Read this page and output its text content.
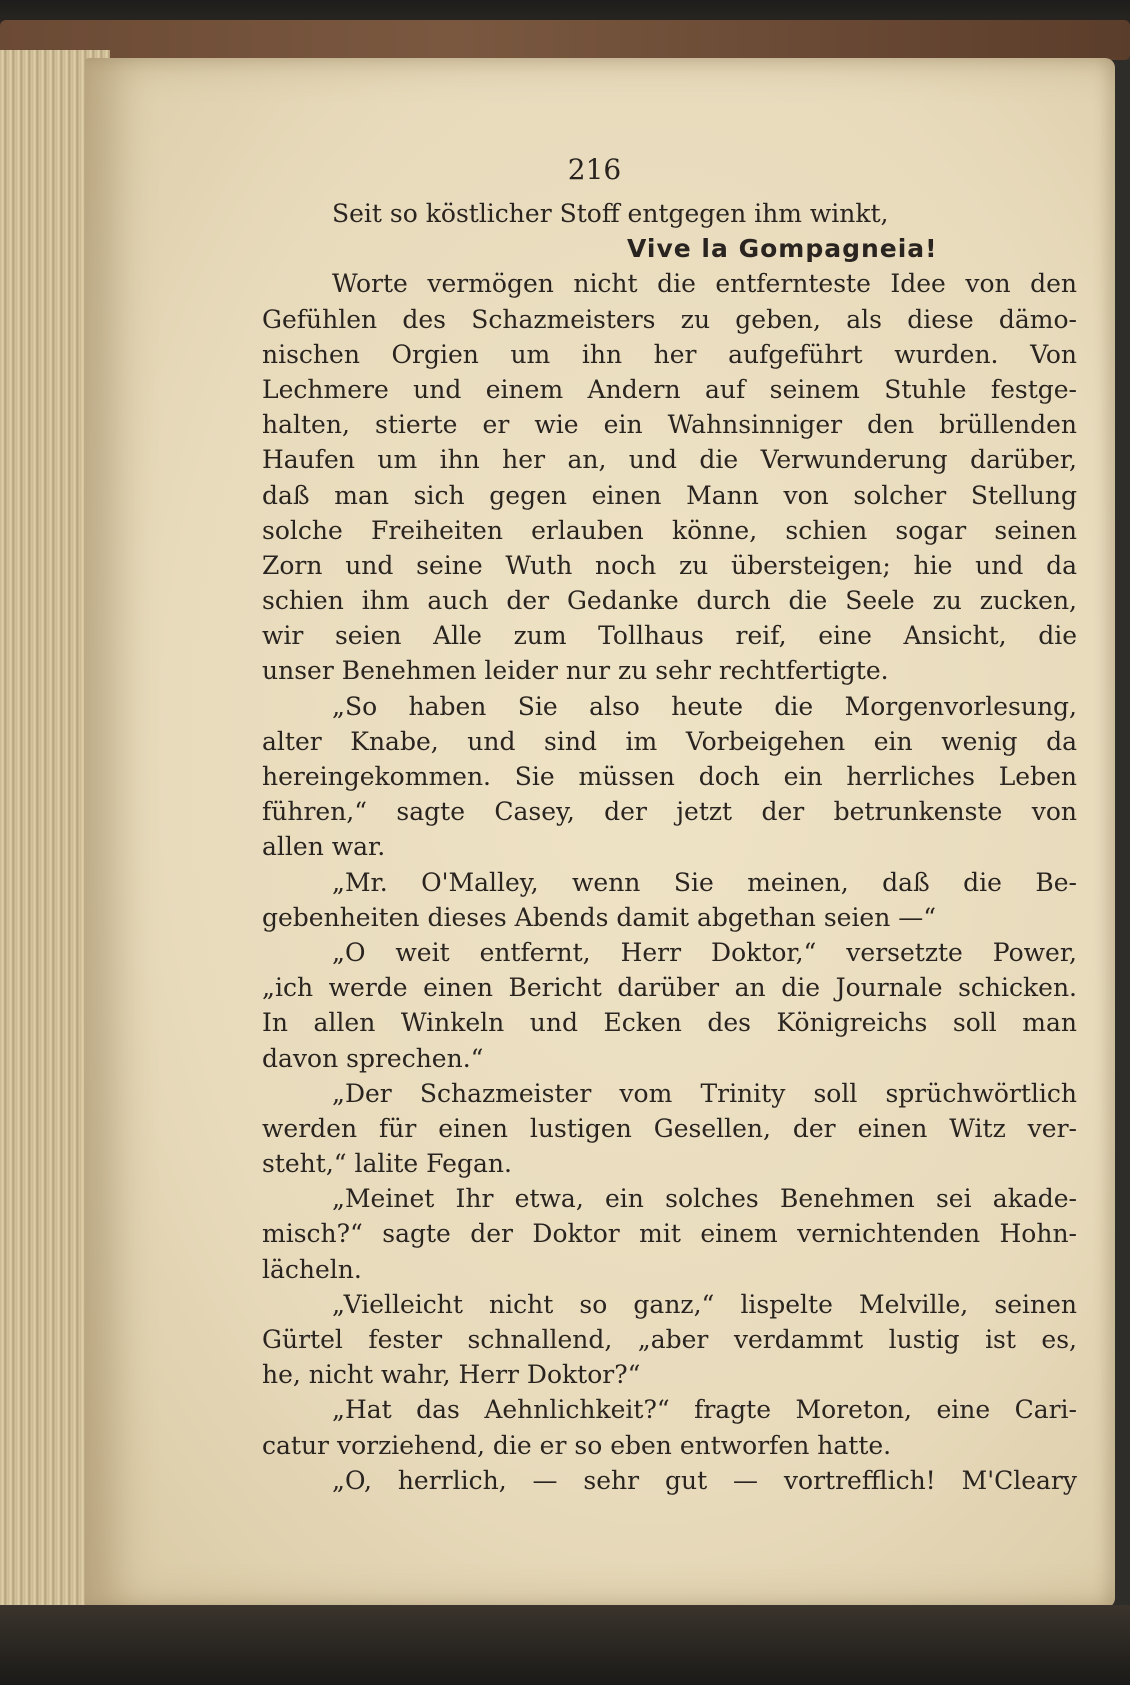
216
Seit so köstlicher Stoff entgegen ihm winkt,
Vive la Gompagneia!
Worte vermögen nicht die entfernteste Idee von den
Gefühlen des Schazmeisters zu geben, als diese dämo-
nischen Orgien um ihn her aufgeführt wurden. Von
Lechmere und einem Andern auf seinem Stuhle festge-
halten, stierte er wie ein Wahnsinniger den brüllenden
Haufen um ihn her an, und die Verwunderung darüber,
daß man sich gegen einen Mann von solcher Stellung
solche Freiheiten erlauben könne, schien sogar seinen
Zorn und seine Wuth noch zu übersteigen; hie und da
schien ihm auch der Gedanke durch die Seele zu zucken,
wir seien Alle zum Tollhaus reif, eine Ansicht, die
unser Benehmen leider nur zu sehr rechtfertigte.
„So haben Sie also heute die Morgenvorlesung,
alter Knabe, und sind im Vorbeigehen ein wenig da
hereingekommen. Sie müssen doch ein herrliches Leben
führen,“ sagte Casey, der jetzt der betrunkenste von
allen war.
„Mr. O'Malley, wenn Sie meinen, daß die Be-
gebenheiten dieses Abends damit abgethan seien —“
„O weit entfernt, Herr Doktor,“ versetzte Power,
„ich werde einen Bericht darüber an die Journale schicken.
In allen Winkeln und Ecken des Königreichs soll man
davon sprechen.“
„Der Schazmeister vom Trinity soll sprüchwörtlich
werden für einen lustigen Gesellen, der einen Witz ver-
steht,“ lalite Fegan.
„Meinet Ihr etwa, ein solches Benehmen sei akade-
misch?“ sagte der Doktor mit einem vernichtenden Hohn-
lächeln.
„Vielleicht nicht so ganz,“ lispelte Melville, seinen
Gürtel fester schnallend, „aber verdammt lustig ist es,
he, nicht wahr, Herr Doktor?“
„Hat das Aehnlichkeit?“ fragte Moreton, eine Cari-
catur vorziehend, die er so eben entworfen hatte.
„O, herrlich, — sehr gut — vortrefflich! M'Cleary
